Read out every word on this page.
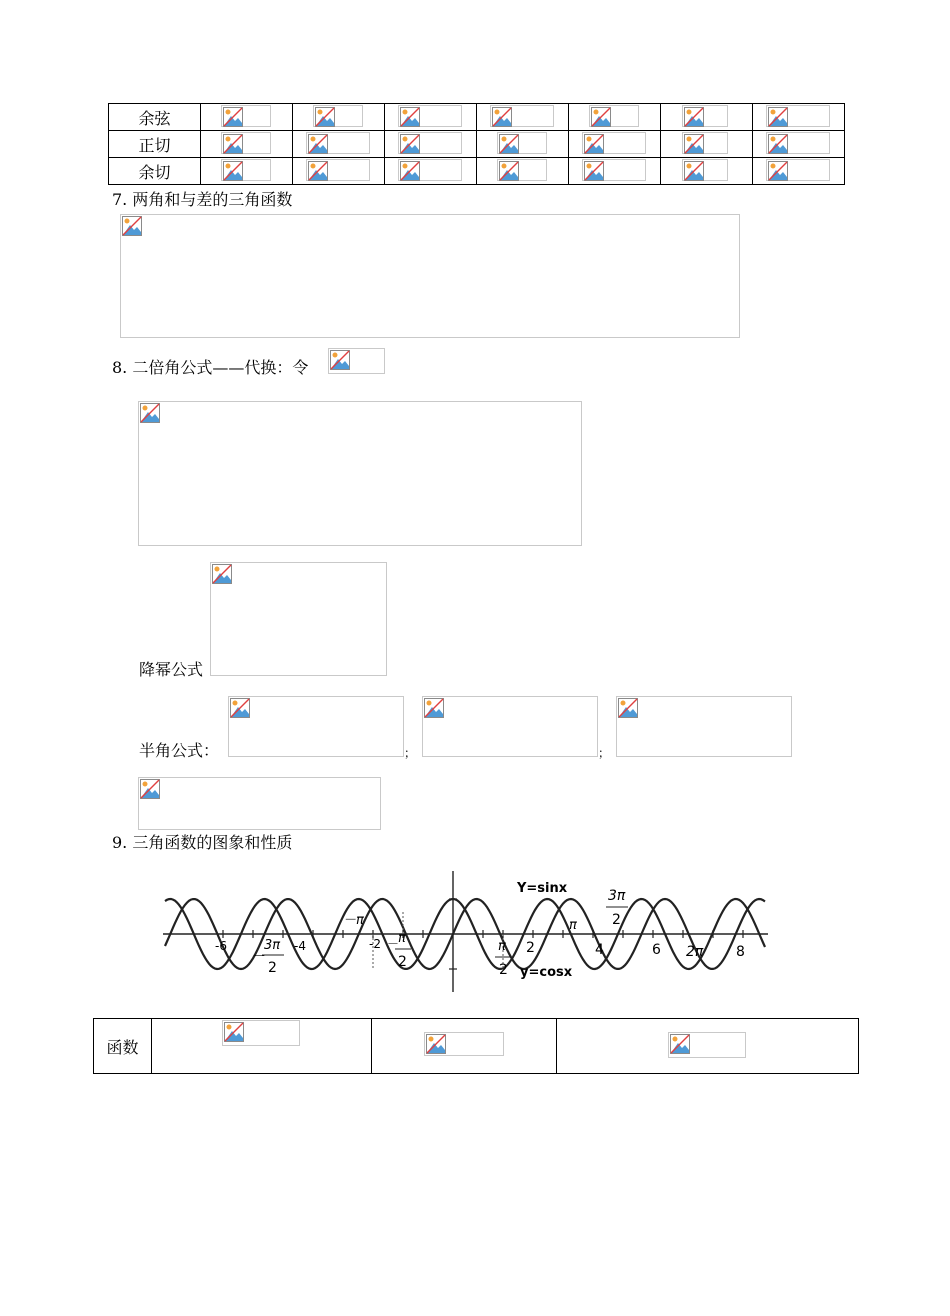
余弦	

正切	

余切	

7. 两角和与差的三角函数
8. 二倍角公式——代换：令
降幂公式
半角公式：	；	；
9. 三角函数的图象和性质
Y=sinx
y=cosx
－π	π
2π
3π
2
－
3π
2
－
π
2
π
2
-6	-4	-2	2	4	6	8
函数	
